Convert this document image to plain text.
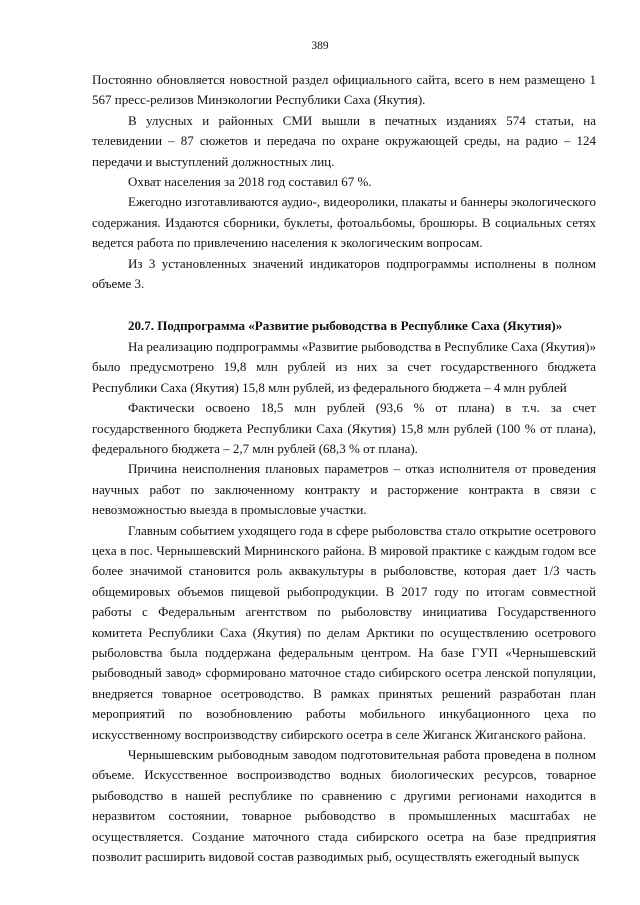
389

Постоянно обновляется новостной раздел официального сайта, всего в нем размещено 1 567 пресс-релизов Минэкологии Республики Саха (Якутия).

В улусных и районных СМИ вышли в печатных изданиях 574 статьи, на телевидении – 87 сюжетов и передача по охране окружающей среды, на радио – 124 передачи и выступлений должностных лиц.

Охват населения за 2018 год составил 67 %.

Ежегодно изготавливаются аудио-, видеоролики, плакаты и баннеры экологического содержания. Издаются сборники, буклеты, фотоальбомы, брошюры. В социальных сетях ведется работа по привлечению населения к экологическим вопросам.

Из 3 установленных значений индикаторов подпрограммы исполнены в полном объеме 3.

20.7. Подпрограмма «Развитие рыбоводства в Республике Саха (Якутия)»

На реализацию подпрограммы «Развитие рыбоводства в Республике Саха (Якутия)» было предусмотрено 19,8 млн рублей из них за счет государственного бюджета Республики Саха (Якутия) 15,8 млн рублей, из федерального бюджета – 4 млн рублей

Фактически освоено 18,5 млн рублей (93,6 % от плана) в т.ч. за счет государственного бюджета Республики Саха (Якутия) 15,8 млн рублей (100 % от плана), федерального бюджета – 2,7 млн рублей (68,3 % от плана).

Причина неисполнения плановых параметров – отказ исполнителя от проведения научных работ по заключенному контракту и расторжение контракта в связи с невозможностью выезда в промысловые участки.

Главным событием уходящего года в сфере рыболовства стало открытие осетрового цеха в пос. Чернышевский Мирнинского района. В мировой практике с каждым годом все более значимой становится роль аквакультуры в рыболовстве, которая дает 1/3 часть общемировых объемов пищевой рыбопродукции. В 2017 году по итогам совместной работы с Федеральным агентством по рыболовству инициатива Государственного комитета Республики Саха (Якутия) по делам Арктики по осуществлению осетрового рыболовства была поддержана федеральным центром. На базе ГУП «Чернышевский рыбоводный завод» сформировано маточное стадо сибирского осетра ленской популяции, внедряется товарное осетроводство. В рамках принятых решений разработан план мероприятий по возобновлению работы мобильного инкубационного цеха по искусственному воспроизводству сибирского осетра в селе Жиганск Жиганского района.

Чернышевским рыбоводным заводом подготовительная работа проведена в полном объеме. Искусственное воспроизводство водных биологических ресурсов, товарное рыбоводство в нашей республике по сравнению с другими регионами находится в неразвитом состоянии, товарное рыбоводство в промышленных масштабах не осуществляется. Создание маточного стада сибирского осетра на базе предприятия позволит расширить видовой состав разводимых рыб, осуществлять ежегодный выпуск
